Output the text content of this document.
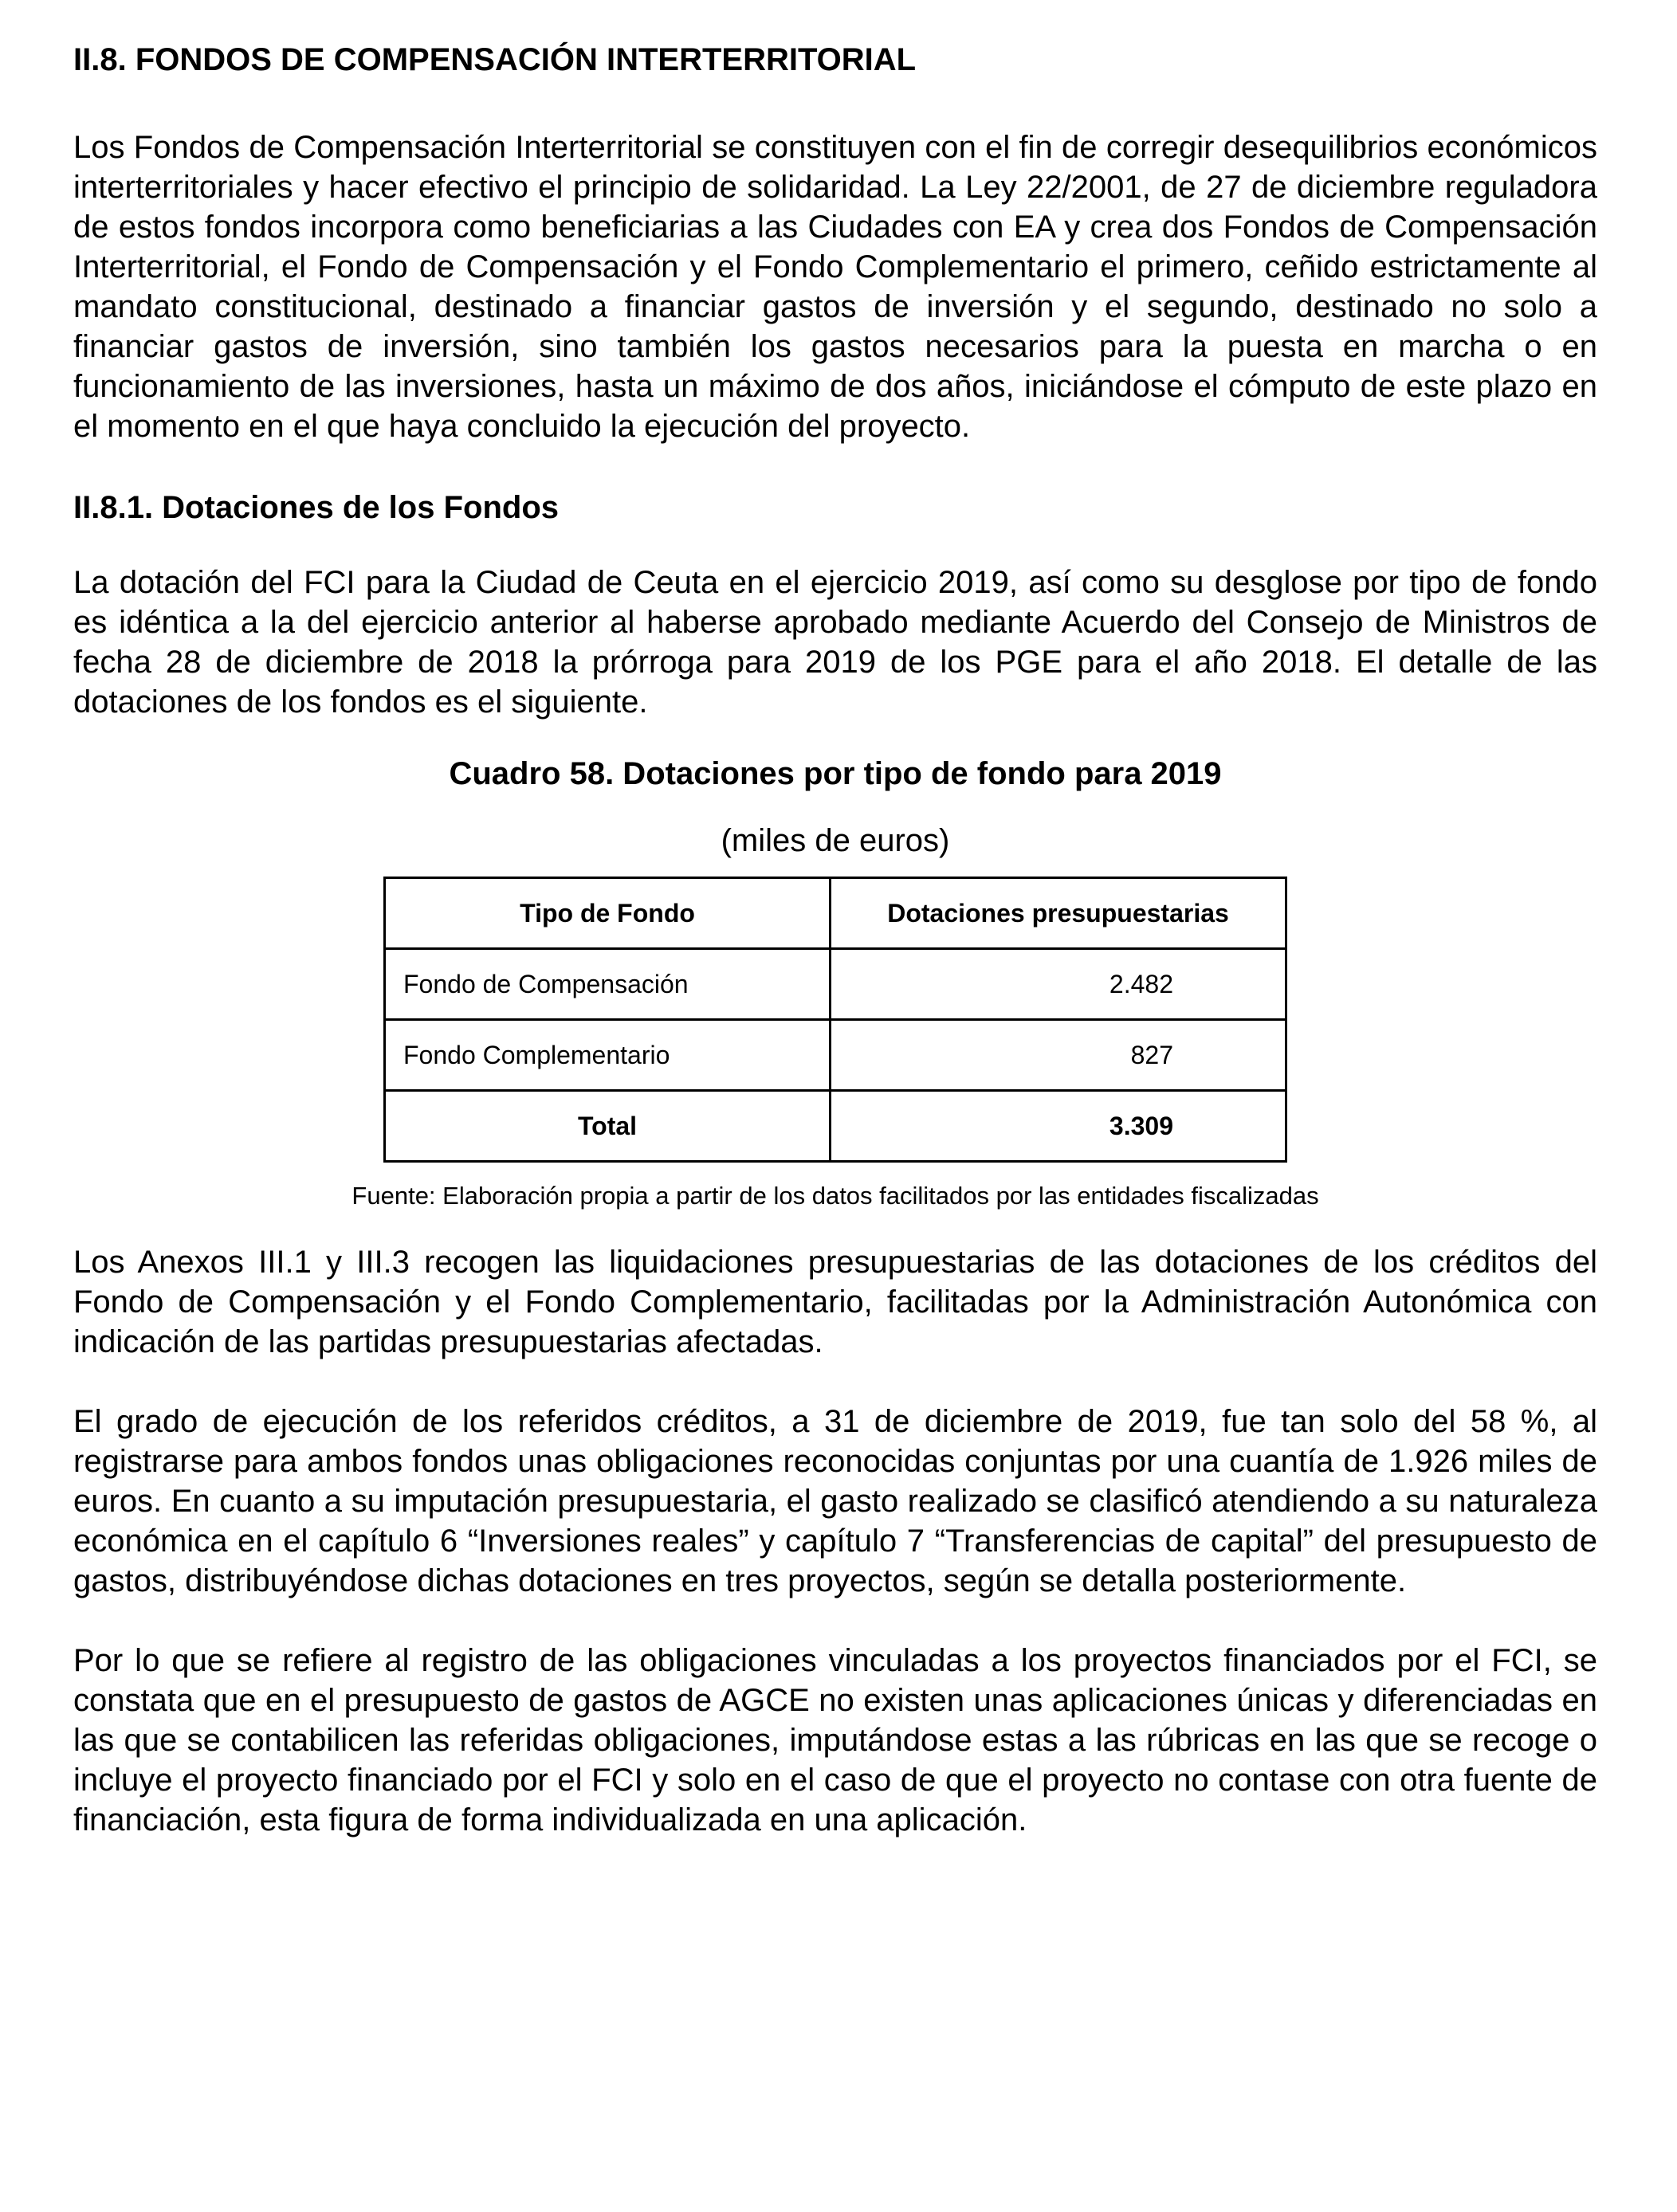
II.8. FONDOS DE COMPENSACIÓN INTERTERRITORIAL

Los Fondos de Compensación Interterritorial se constituyen con el fin de corregir desequilibrios económicos interterritoriales y hacer efectivo el principio de solidaridad. La Ley 22/2001, de 27 de diciembre reguladora de estos fondos incorpora como beneficiarias a las Ciudades con EA y crea dos Fondos de Compensación Interterritorial, el Fondo de Compensación y el Fondo Complementario el primero, ceñido estrictamente al mandato constitucional, destinado a financiar gastos de inversión y el segundo, destinado no solo a financiar gastos de inversión, sino también los gastos necesarios para la puesta en marcha o en funcionamiento de las inversiones, hasta un máximo de dos años, iniciándose el cómputo de este plazo en el momento en el que haya concluido la ejecución del proyecto.

II.8.1. Dotaciones de los Fondos

La dotación del FCI para la Ciudad de Ceuta en el ejercicio 2019, así como su desglose por tipo de fondo es idéntica a la del ejercicio anterior al haberse aprobado mediante Acuerdo del Consejo de Ministros de fecha 28 de diciembre de 2018 la prórroga para 2019 de los PGE para el año 2018. El detalle de las dotaciones de los fondos es el siguiente.

Cuadro 58. Dotaciones por tipo de fondo para 2019
(miles de euros)
Tipo de Fondo	Dotaciones presupuestarias
Fondo de Compensación	2.482
Fondo Complementario	827
Total	3.309
Fuente: Elaboración propia a partir de los datos facilitados por las entidades fiscalizadas

Los Anexos III.1 y III.3 recogen las liquidaciones presupuestarias de las dotaciones de los créditos del Fondo de Compensación y el Fondo Complementario, facilitadas por la Administración Autonómica con indicación de las partidas presupuestarias afectadas.

El grado de ejecución de los referidos créditos, a 31 de diciembre de 2019, fue tan solo del 58 %, al registrarse para ambos fondos unas obligaciones reconocidas conjuntas por una cuantía de 1.926 miles de euros. En cuanto a su imputación presupuestaria, el gasto realizado se clasificó atendiendo a su naturaleza económica en el capítulo 6 “Inversiones reales” y capítulo 7 “Transferencias de capital” del presupuesto de gastos, distribuyéndose dichas dotaciones en tres proyectos, según se detalla posteriormente.

Por lo que se refiere al registro de las obligaciones vinculadas a los proyectos financiados por el FCI, se constata que en el presupuesto de gastos de AGCE no existen unas aplicaciones únicas y diferenciadas en las que se contabilicen las referidas obligaciones, imputándose estas a las rúbricas en las que se recoge o incluye el proyecto financiado por el FCI y solo en el caso de que el proyecto no contase con otra fuente de financiación, esta figura de forma individualizada en una aplicación.
